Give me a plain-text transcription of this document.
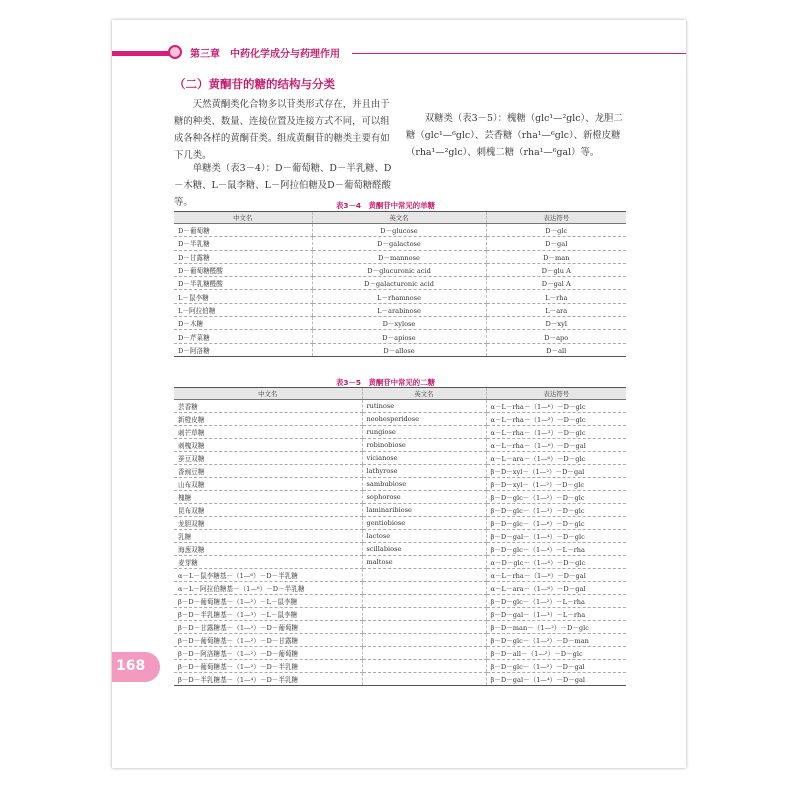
第三章　中药化学成分与药理作用
（二）黄酮苷的糖的结构与分类
天然黄酮类化合物多以苷类形式存在，并且由于糖的种类、数量、连接位置及连接方式不同，可以组成各种各样的黄酮苷类。组成黄酮苷的糖类主要有如下几类。
单糖类（表3－4）：D－葡萄糖、D－半乳糖、D－木糖、L－鼠李糖、L－阿拉伯糖及D－葡萄糖醛酸等。
双糖类（表3－5）：槐糖（glc¹—²glc）、龙胆二糖（glc¹—⁶glc）、芸香糖（rha¹—⁶glc）、新橙皮糖（rha¹—²glc）、刺槐二糖（rha¹—⁶gal）等。
表3－4　黄酮苷中常见的单糖
中文名	英文名	表达符号
D－葡萄糖	D－glucose	D－glc
D－半乳糖	D－galactose	D－gal
D－甘露糖	D－mannose	D－man
D－葡萄糖醛酸	D－glucuronic acid	D－glu A
D－半乳糖醛酸	D－galacturonic acid	D－gal A
L－鼠李糖	L－rhamnose	L－rha
L－阿拉伯糖	L－arabinose	L－ara
D－木糖	D－xylose	D－xyl
D－芹菜糖	D－apiose	D－apo
D－阿洛糖	D－allose	D－all
表3－5　黄酮苷中常见的二糖
中文名	英文名	表达符号
芸香糖	rutinose	α－L－rha－（1—⁶）－D－glc
新橙皮糖	neohesperidose	α－L－rha－（1—²）－D－glc
刺芒草糖	rungiose	α－L－rha－（1—³）－D－glc
刺槐双糖	robinobiose	α－L－rha－（1—⁶）－D－gal
蚕豆双糖	vicianose	α－L－ara－（1—⁶）－D－glc
香豌豆糖	lathyrose	β－D－xyl－（1—²）－D－gal
山布双糖	sambubiose	β－D－xyl－（1—²）－D－glc
槐糖	sophorose	β－D－glc－（1—²）－D－glc
昆布双糖	laminaribiose	β－D－glc－（1—³）－D－glc
龙胆双糖	gentiobiose	β－D－glc－（1—⁶）－D－glc
乳糖	lactose	β－D－gal－（1—⁴）－D－glc
海葱双糖	scillabiose	β－D－glc－（1—⁴）－L－rha
麦芽糖	maltose	α－D－glc－（1—⁴）－D－glc
α－L－鼠李糖基－（1—⁶）－D－半乳糖		α－L－rha－（1—⁶）－D－gal
α－L－阿拉伯糖基－（1—⁶）－D－半乳糖		α－L－ara－（1—⁶）－D－gal
β－D－葡萄糖基－（1—²）－L－鼠李糖		β－D－glc－（1—²）－L－rha
β－D－半乳糖基－（1—³）－L－鼠李糖		β－D－gal－（1—³）－L－rha
β－D－甘露糖基－（1—²）－D－葡萄糖		β－D－man－（1—²）－D－glc
β－D－葡萄糖基－（1—²）－D－甘露糖		β－D－glc－（1—²）－D－man
β－D－阿洛糖基－（1—²）－D－葡萄糖		β－D－all－（1—²）－D－glc
β－D－葡萄糖基－（1—²）－D－半乳糖		β－D－glc－（1—²）－D－gal
β－D－半乳糖基－（1—⁴）－D－半乳糖		β－D－gal－（1—⁴）－D－gal
168
